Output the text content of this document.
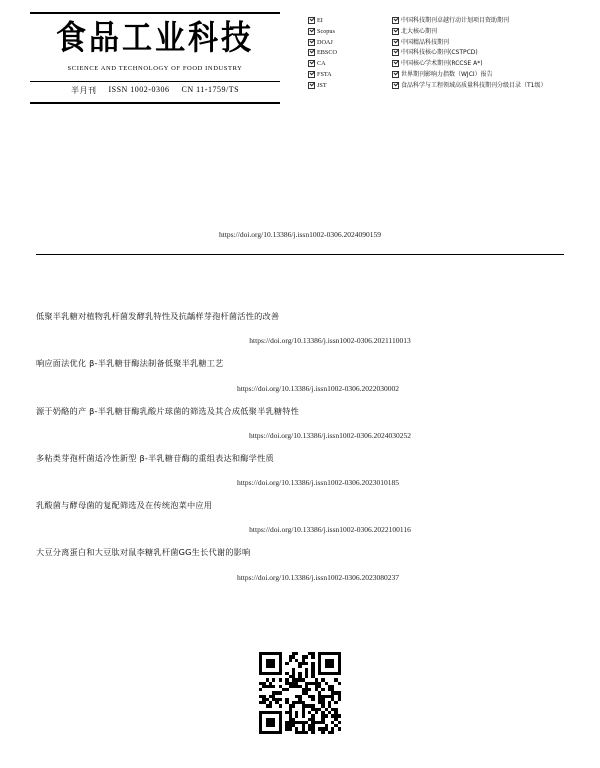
食品工业科技
SCIENCE AND TECHNOLOGY OF FOOD INDUSTRY
半月刊 ISSN 1002-0306 CN 11-1759/TS
EI	中国科技期刊卓越行动计划项目资助期刊
Scopus	北大核心期刊
DOAJ	中国精品科技期刊
EBSCO	中国科技核心期刊(CSTPCD)
CA	中国核心学术期刊(RCCSE A*)
FSTA	世界期刊影响力指数（WJCI）报告
JST	食品科学与工程领域高质量科技期刊分级目录（T1级）
https://doi.org/10.13386/j.issn1002-0306.2024090159
低聚半乳糖对植物乳杆菌发酵乳特性及抗龋样芽孢杆菌活性的改善
https://doi.org/10.13386/j.issn1002-0306.2021110013
响应面法优化 β-半乳糖苷酶法制备低聚半乳糖工艺
https://doi.org/10.13386/j.issn1002-0306.2022030002
源于奶酪的产 β-半乳糖苷酶乳酸片球菌的筛选及其合成低聚半乳糖特性
https://doi.org/10.13386/j.issn1002-0306.2024030252
多粘类芽孢杆菌适冷性新型 β-半乳糖苷酶的重组表达和酶学性质
https://doi.org/10.13386/j.issn1002-0306.2023010185
乳酸菌与酵母菌的复配筛选及在传统泡菜中应用
https://doi.org/10.13386/j.issn1002-0306.2022100116
大豆分离蛋白和大豆肽对鼠李糖乳杆菌GG生长代谢的影响
https://doi.org/10.13386/j.issn1002-0306.2023080237
